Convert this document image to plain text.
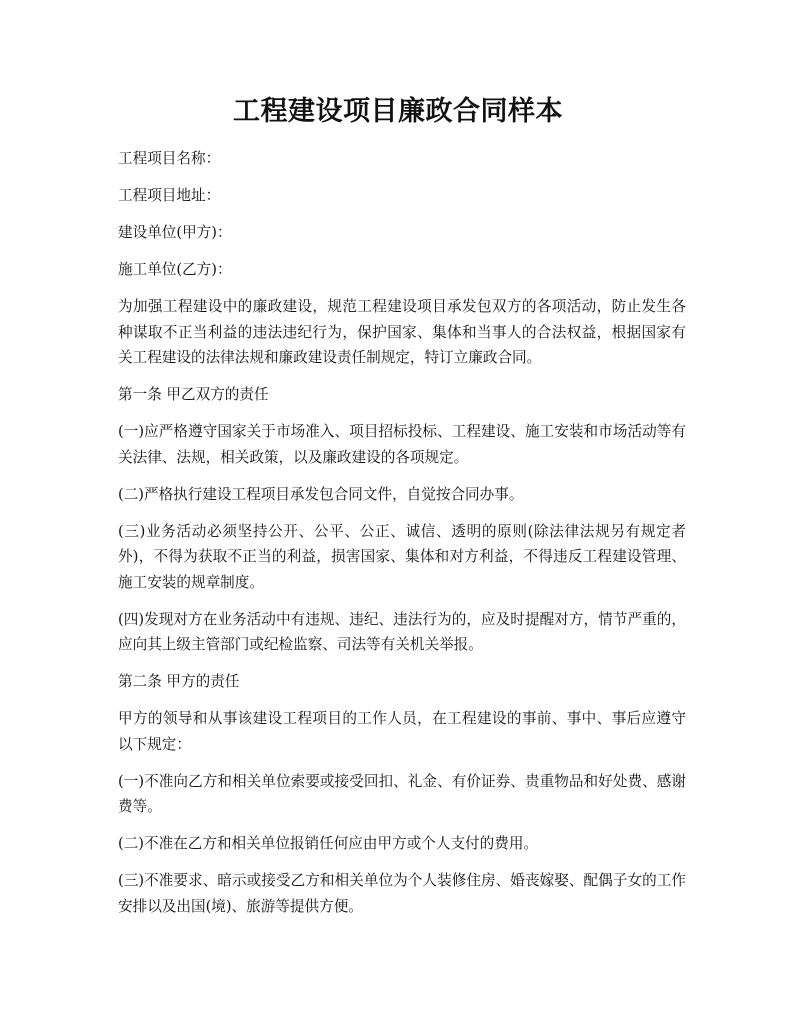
工程建设项目廉政合同样本

工程项目名称：

工程项目地址：

建设单位(甲方)：

施工单位(乙方)：

为加强工程建设中的廉政建设，规范工程建设项目承发包双方的各项活动，防止发生各种谋取不正当利益的违法违纪行为，保护国家、集体和当事人的合法权益，根据国家有关工程建设的法律法规和廉政建设责任制规定，特订立廉政合同。

第一条 甲乙双方的责任

(一)应严格遵守国家关于市场准入、项目招标投标、工程建设、施工安装和市场活动等有关法律、法规，相关政策，以及廉政建设的各项规定。

(二)严格执行建设工程项目承发包合同文件，自觉按合同办事。

(三)业务活动必须坚持公开、公平、公正、诚信、透明的原则(除法律法规另有规定者外)，不得为获取不正当的利益，损害国家、集体和对方利益，不得违反工程建设管理、施工安装的规章制度。

(四)发现对方在业务活动中有违规、违纪、违法行为的，应及时提醒对方，情节严重的，应向其上级主管部门或纪检监察、司法等有关机关举报。

第二条 甲方的责任

甲方的领导和从事该建设工程项目的工作人员，在工程建设的事前、事中、事后应遵守以下规定：

(一)不准向乙方和相关单位索要或接受回扣、礼金、有价证券、贵重物品和好处费、感谢费等。

(二)不准在乙方和相关单位报销任何应由甲方或个人支付的费用。

(三)不准要求、暗示或接受乙方和相关单位为个人装修住房、婚丧嫁娶、配偶子女的工作安排以及出国(境)、旅游等提供方便。
